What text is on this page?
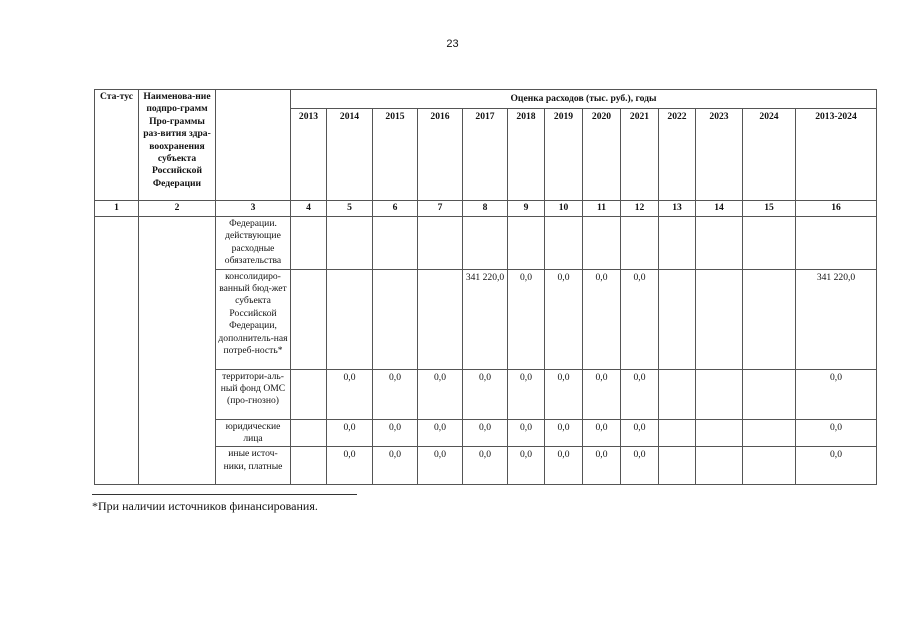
23
Ста-тус	Наименова-ние подпро-грамм Про-граммы раз-вития здра-воохранения субъекта Российской Федерации		Оценка расходов (тыс. руб.), годы												
			2013	2014	2015	2016	2017	2018	2019	2020	2021	2022	2023	2024	2013-2024
1	2	3	4	5	6	7	8	9	10	11	12	13	14	15	16

		Федерации. действующие расходные обязательства													

		консолидиро-ванный бюд-жет субъекта Российской Федерации, дополнитель-ная потреб-ность*					341 220,0	0,0	0,0	0,0	0,0				341 220,0

		территори-аль-ный фонд ОМС (про-гнозно)		0,0	0,0	0,0	0,0	0,0	0,0	0,0	0,0				0,0

		юридические лица		0,0	0,0	0,0	0,0	0,0	0,0	0,0	0,0				0,0

		иные источ-ники, платные		0,0	0,0	0,0	0,0	0,0	0,0	0,0	0,0				0,0
*При наличии источников финансирования.
